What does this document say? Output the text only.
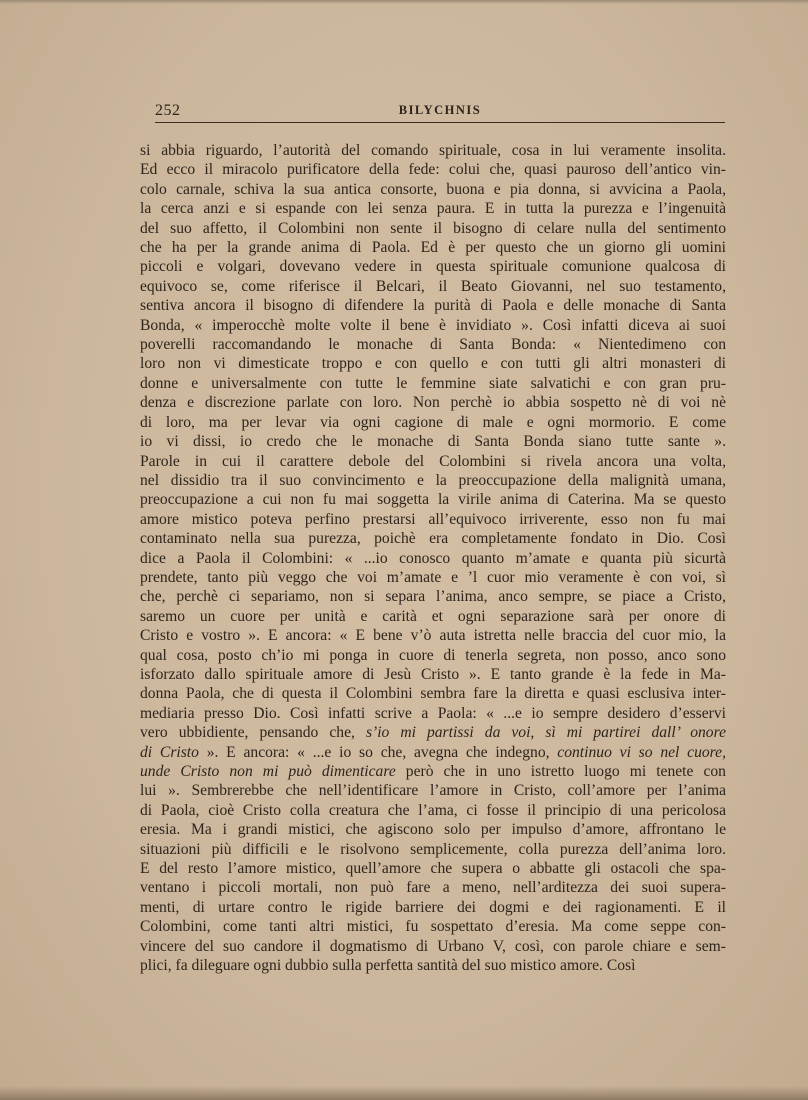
252	BILYCHNIS
si abbia riguardo, l’autorità del comando spirituale, cosa in lui veramente insolita.
Ed ecco il miracolo purificatore della fede: colui che, quasi pauroso dell’antico vin-
colo carnale, schiva la sua antica consorte, buona e pia donna, si avvicina a Paola,
la cerca anzi e si espande con lei senza paura. E in tutta la purezza e l’ingenuità
del suo affetto, il Colombini non sente il bisogno di celare nulla del sentimento
che ha per la grande anima di Paola. Ed è per questo che un giorno gli uomini
piccoli e volgari, dovevano vedere in questa spirituale comunione qualcosa di
equivoco se, come riferisce il Belcari, il Beato Giovanni, nel suo testamento,
sentiva ancora il bisogno di difendere la purità di Paola e delle monache di Santa
Bonda, « imperocchè molte volte il bene è invidiato ». Così infatti diceva ai suoi
poverelli raccomandando le monache di Santa Bonda: « Nientedimeno con
loro non vi dimesticate troppo e con quello e con tutti gli altri monasteri di
donne e universalmente con tutte le femmine siate salvatichi e con gran pru-
denza e discrezione parlate con loro. Non perchè io abbia sospetto nè di voi nè
di loro, ma per levar via ogni cagione di male e ogni mormorio. E come
io vi dissi, io credo che le monache di Santa Bonda siano tutte sante ».
Parole in cui il carattere debole del Colombini si rivela ancora una volta,
nel dissidio tra il suo convincimento e la preoccupazione della malignità umana,
preoccupazione a cui non fu mai soggetta la virile anima di Caterina. Ma se questo
amore mistico poteva perfino prestarsi all’equivoco irriverente, esso non fu mai
contaminato nella sua purezza, poichè era completamente fondato in Dio. Così
dice a Paola il Colombini: « ...io conosco quanto m’amate e quanta più sicurtà
prendete, tanto più veggo che voi m’amate e ’l cuor mio veramente è con voi, sì
che, perchè ci separiamo, non si separa l’anima, anco sempre, se piace a Cristo,
saremo un cuore per unità e carità et ogni separazione sarà per onore di
Cristo e vostro ». E ancora: « E bene v’ò auta istretta nelle braccia del cuor mio, la
qual cosa, posto ch’io mi ponga in cuore di tenerla segreta, non posso, anco sono
isforzato dallo spirituale amore di Jesù Cristo ». E tanto grande è la fede in Ma-
donna Paola, che di questa il Colombini sembra fare la diretta e quasi esclusiva inter-
mediaria presso Dio. Così infatti scrive a Paola: « ...e io sempre desidero d’esservi
vero ubbidiente, pensando che, s’io mi partissi da voi, sì mi partirei dall’ onore
di Cristo ». E ancora: « ...e io so che, avegna che indegno, continuo vi so nel cuore,
unde Cristo non mi può dimenticare però che in uno istretto luogo mi tenete con
lui ». Sembrerebbe che nell’identificare l’amore in Cristo, coll’amore per l’anima
di Paola, cioè Cristo colla creatura che l’ama, ci fosse il principio di una pericolosa
eresia. Ma i grandi mistici, che agiscono solo per impulso d’amore, affrontano le
situazioni più difficili e le risolvono semplicemente, colla purezza dell’anima loro.
E del resto l’amore mistico, quell’amore che supera o abbatte gli ostacoli che spa-
ventano i piccoli mortali, non può fare a meno, nell’arditezza dei suoi supera-
menti, di urtare contro le rigide barriere dei dogmi e dei ragionamenti. E il
Colombini, come tanti altri mistici, fu sospettato d’eresia. Ma come seppe con-
vincere del suo candore il dogmatismo di Urbano V, così, con parole chiare e sem-
plici, fa dileguare ogni dubbio sulla perfetta santità del suo mistico amore. Così
